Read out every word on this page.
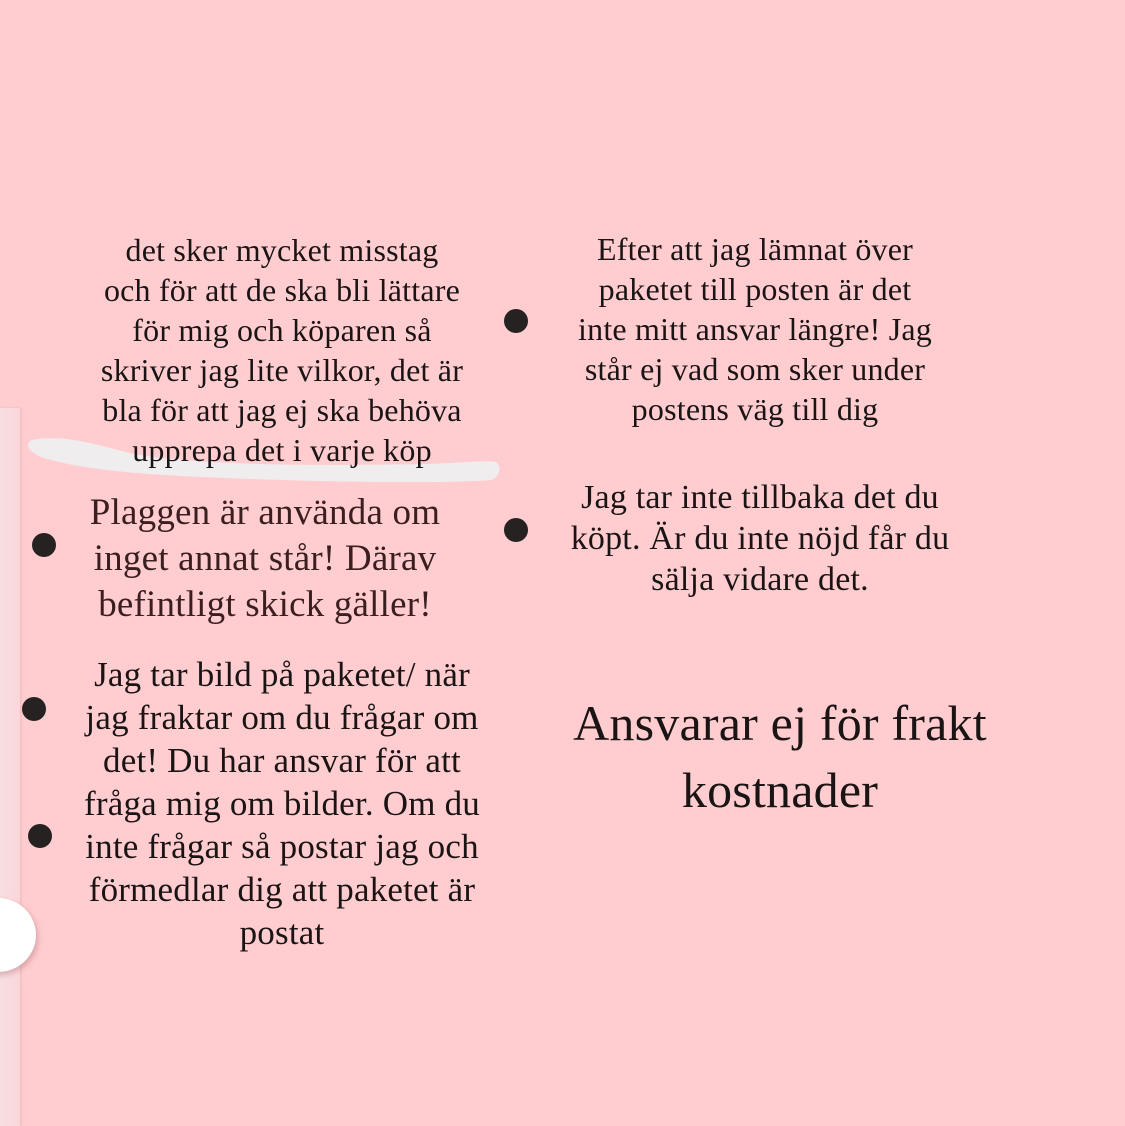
det sker mycket misstag
och för att de ska bli lättare
för mig och köparen så
skriver jag lite vilkor, det är
bla för att jag ej ska behöva
upprepa det i varje köp
Efter att jag lämnat över
paketet till posten är det
inte mitt ansvar längre! Jag
står ej vad som sker under
postens väg till dig
Plaggen är använda om
inget annat står! Därav
befintligt skick gäller!
Jag tar inte tillbaka det du
köpt. Är du inte nöjd får du
sälja vidare det.
Jag tar bild på paketet/ när
jag fraktar om du frågar om
det! Du har ansvar för att
fråga mig om bilder. Om du
inte frågar så postar jag och
förmedlar dig att paketet är
postat
Ansvarar ej för frakt
kostnader
